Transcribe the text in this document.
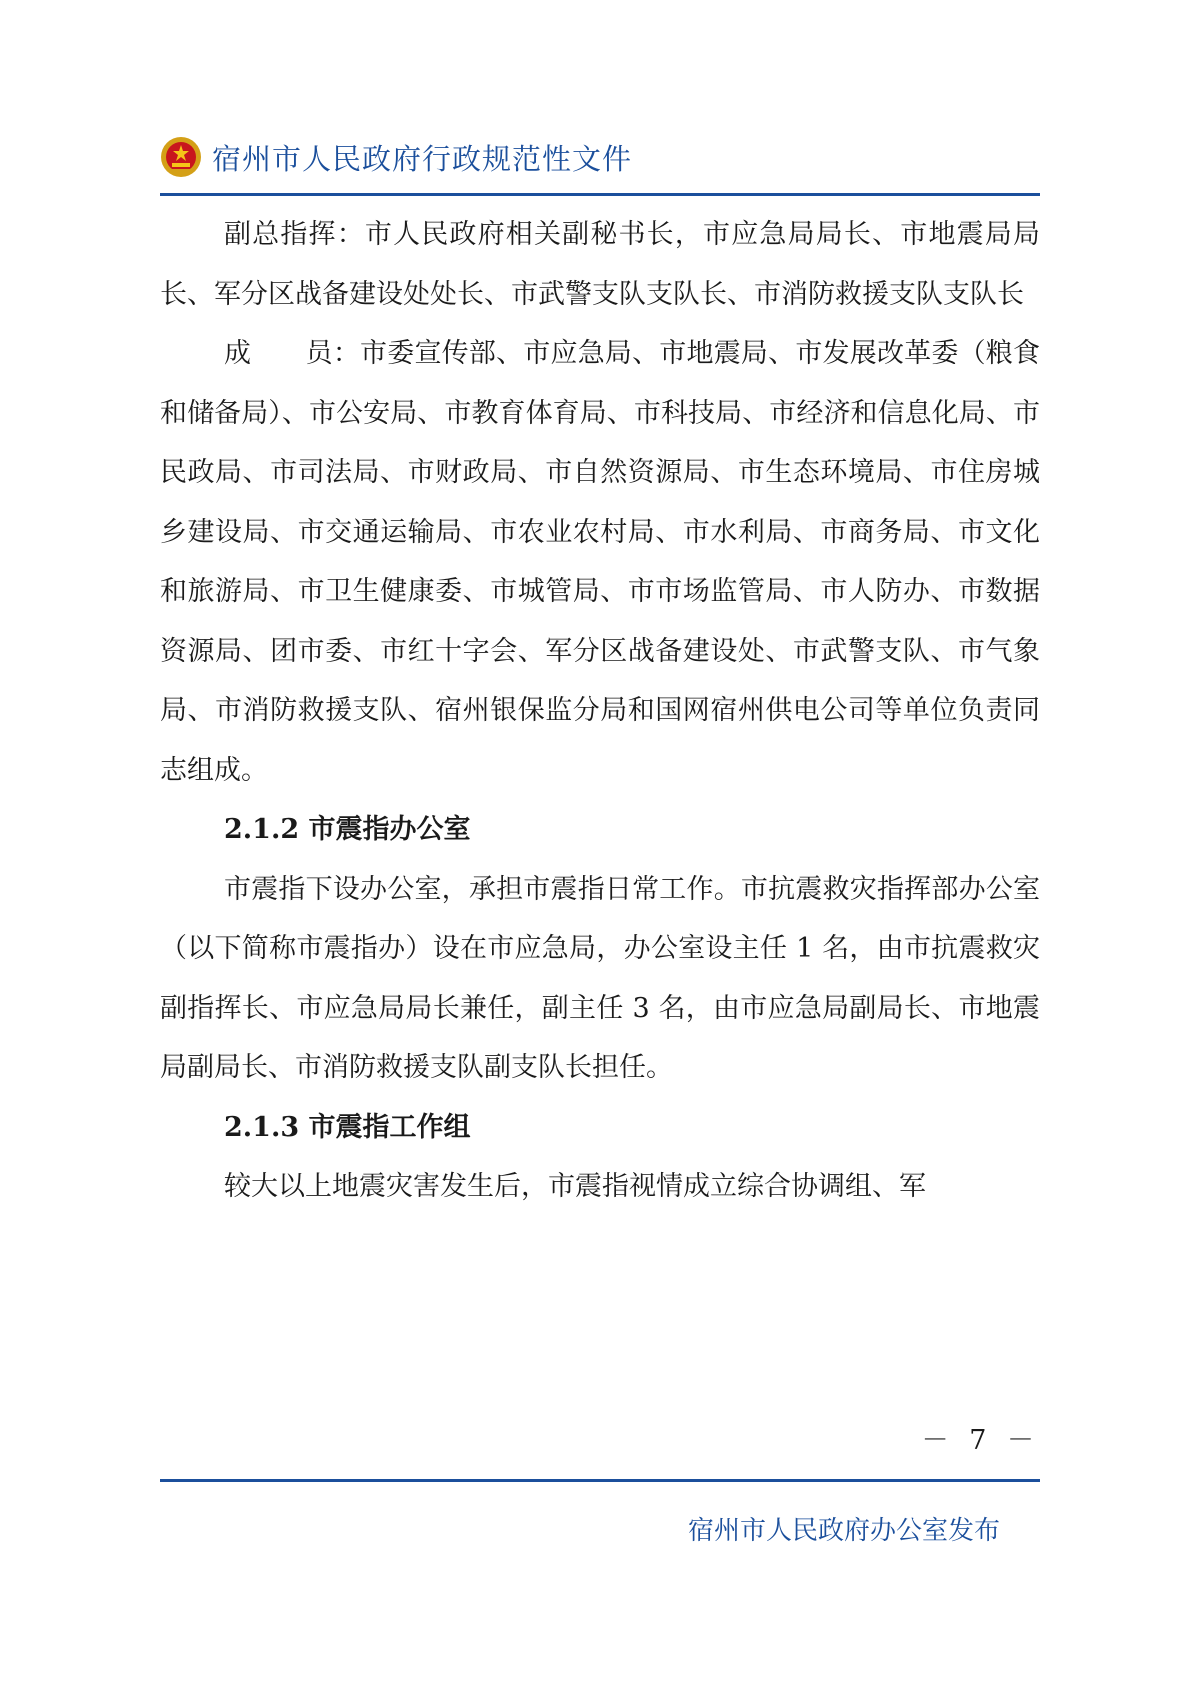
宿州市人民政府行政规范性文件

副总指挥：市人民政府相关副秘书长，市应急局局长、市地震局局长、军分区战备建设处处长、市武警支队支队长、市消防救援支队支队长

成　　员：市委宣传部、市应急局、市地震局、市发展改革委（粮食和储备局）、市公安局、市教育体育局、市科技局、市经济和信息化局、市民政局、市司法局、市财政局、市自然资源局、市生态环境局、市住房城乡建设局、市交通运输局、市农业农村局、市水利局、市商务局、市文化和旅游局、市卫生健康委、市城管局、市市场监管局、市人防办、市数据资源局、团市委、市红十字会、军分区战备建设处、市武警支队、市气象局、市消防救援支队、宿州银保监分局和国网宿州供电公司等单位负责同志组成。

2.1.2 市震指办公室

市震指下设办公室，承担市震指日常工作。市抗震救灾指挥部办公室（以下简称市震指办）设在市应急局，办公室设主任 1 名，由市抗震救灾副指挥长、市应急局局长兼任，副主任 3 名，由市应急局副局长、市地震局副局长、市消防救援支队副支队长担任。

2.1.3 市震指工作组

较大以上地震灾害发生后，市震指视情成立综合协调组、军

－ 7 －
宿州市人民政府办公室发布
